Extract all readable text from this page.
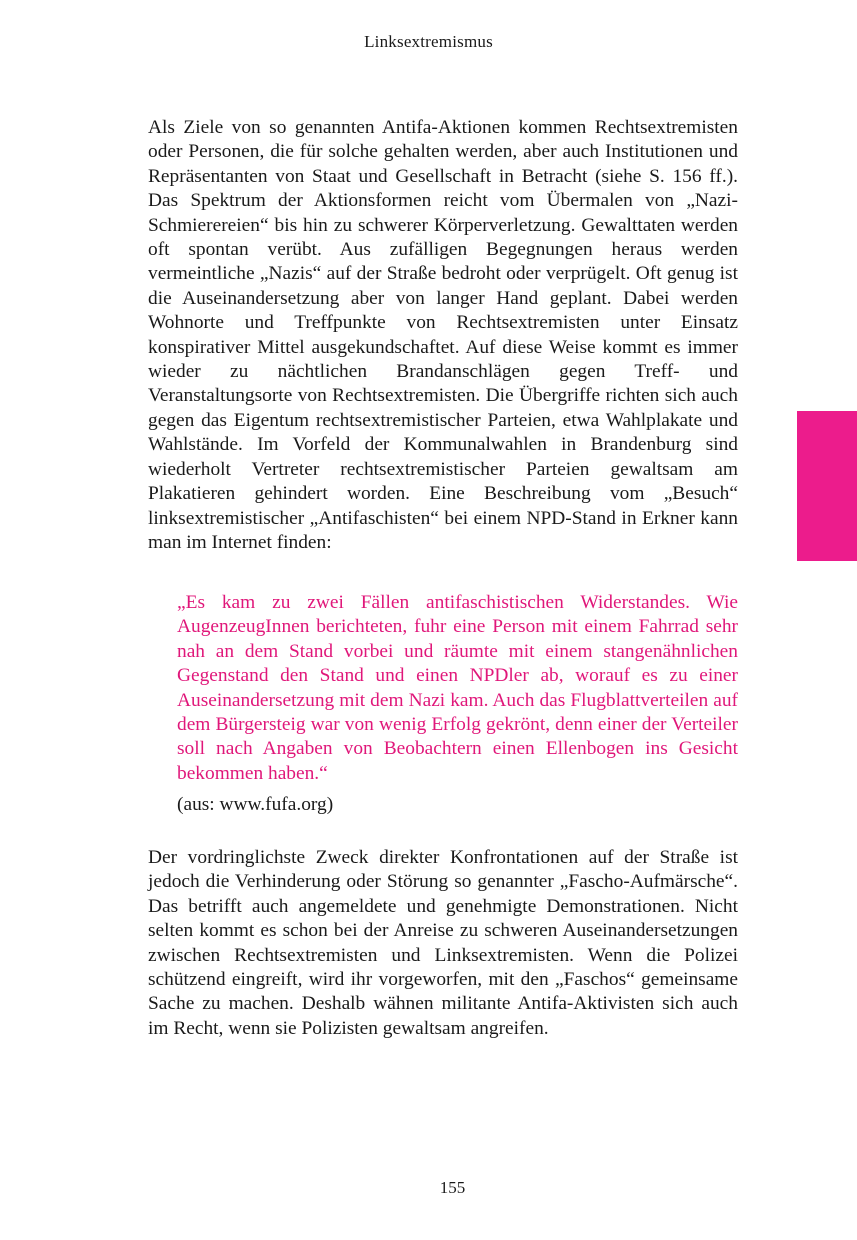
Linksextremismus

Als Ziele von so genannten Antifa-Aktionen kommen Rechtsextremisten oder Personen, die für solche gehalten werden, aber auch Institutionen und Repräsentanten von Staat und Gesellschaft in Betracht (siehe S. 156 ff.). Das Spektrum der Aktionsformen reicht vom Übermalen von „Nazi-Schmierereien“ bis hin zu schwerer Körperverletzung. Gewalttaten werden oft spontan verübt. Aus zufälligen Begegnungen heraus werden vermeintliche „Nazis“ auf der Straße bedroht oder verprügelt. Oft genug ist die Auseinandersetzung aber von langer Hand geplant. Dabei werden Wohnorte und Treffpunkte von Rechtsextremisten unter Einsatz konspirativer Mittel ausgekundschaftet. Auf diese Weise kommt es immer wieder zu nächtlichen Brandanschlägen gegen Treff- und Veranstaltungsorte von Rechtsextremisten. Die Übergriffe richten sich auch gegen das Eigentum rechtsextremistischer Parteien, etwa Wahlplakate und Wahlstände. Im Vorfeld der Kommunalwahlen in Brandenburg sind wiederholt Vertreter rechtsextremistischer Parteien gewaltsam am Plakatieren gehindert worden. Eine Beschreibung vom „Besuch“ linksextremistischer „Antifaschisten“ bei einem NPD-Stand in Erkner kann man im Internet finden:

„Es kam zu zwei Fällen antifaschistischen Widerstandes. Wie AugenzeugInnen berichteten, fuhr eine Person mit einem Fahrrad sehr nah an dem Stand vorbei und räumte mit einem stangenähnlichen Gegenstand den Stand und einen NPDler ab, worauf es zu einer Auseinandersetzung mit dem Nazi kam. Auch das Flugblattverteilen auf dem Bürgersteig war von wenig Erfolg gekrönt, denn einer der Verteiler soll nach Angaben von Beobachtern einen Ellenbogen ins Gesicht bekommen haben.“

(aus: www.fufa.org)

Der vordringlichste Zweck direkter Konfrontationen auf der Straße ist jedoch die Verhinderung oder Störung so genannter „Fascho-Aufmärsche“. Das betrifft auch angemeldete und genehmigte Demonstrationen. Nicht selten kommt es schon bei der Anreise zu schweren Auseinandersetzungen zwischen Rechtsextremisten und Linksextremisten. Wenn die Polizei schützend eingreift, wird ihr vorgeworfen, mit den „Faschos“ gemeinsame Sache zu machen. Deshalb wähnen militante Antifa-Aktivisten sich auch im Recht, wenn sie Polizisten gewaltsam angreifen.

155
